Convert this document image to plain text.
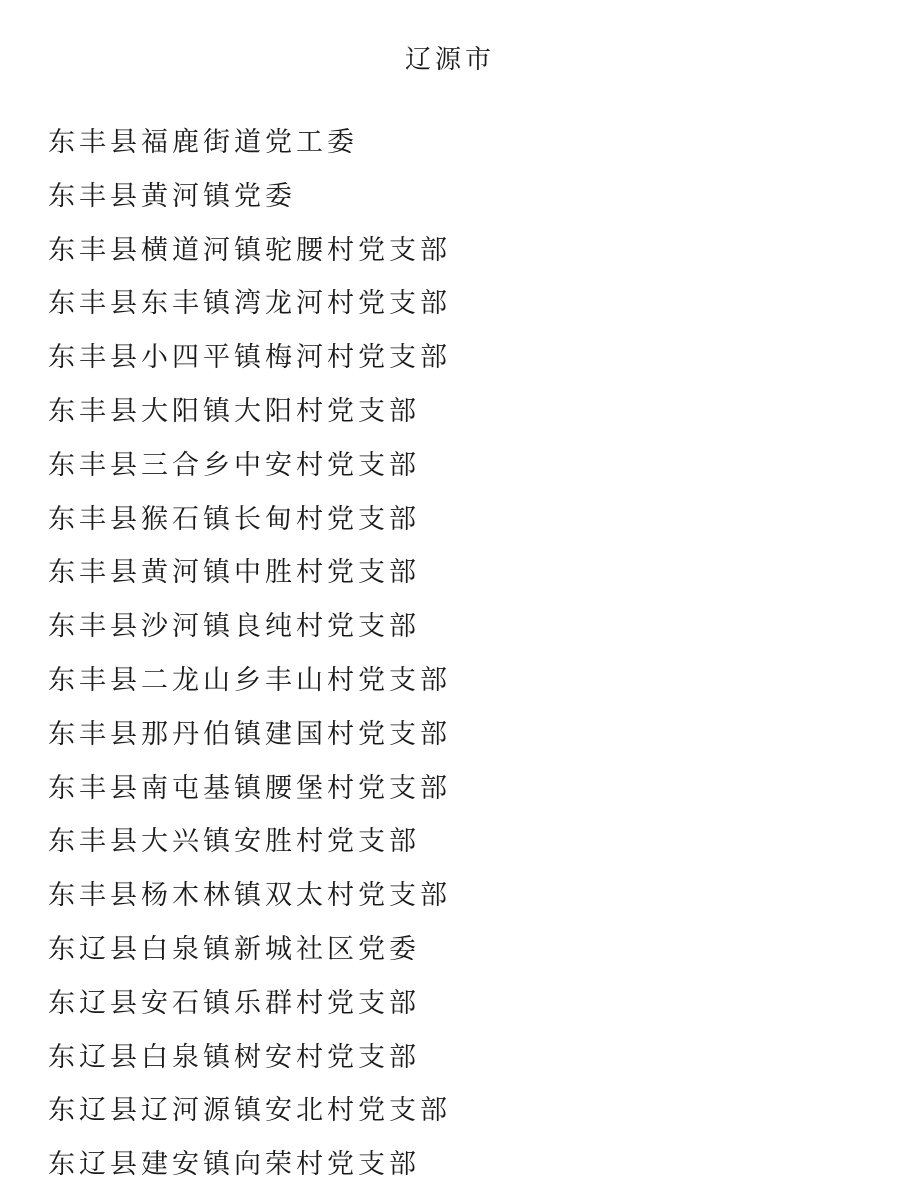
辽源市
东丰县福鹿街道党工委
东丰县黄河镇党委
东丰县横道河镇驼腰村党支部
东丰县东丰镇湾龙河村党支部
东丰县小四平镇梅河村党支部
东丰县大阳镇大阳村党支部
东丰县三合乡中安村党支部
东丰县猴石镇长甸村党支部
东丰县黄河镇中胜村党支部
东丰县沙河镇良纯村党支部
东丰县二龙山乡丰山村党支部
东丰县那丹伯镇建国村党支部
东丰县南屯基镇腰堡村党支部
东丰县大兴镇安胜村党支部
东丰县杨木林镇双太村党支部
东辽县白泉镇新城社区党委
东辽县安石镇乐群村党支部
东辽县白泉镇树安村党支部
东辽县辽河源镇安北村党支部
东辽县建安镇向荣村党支部
